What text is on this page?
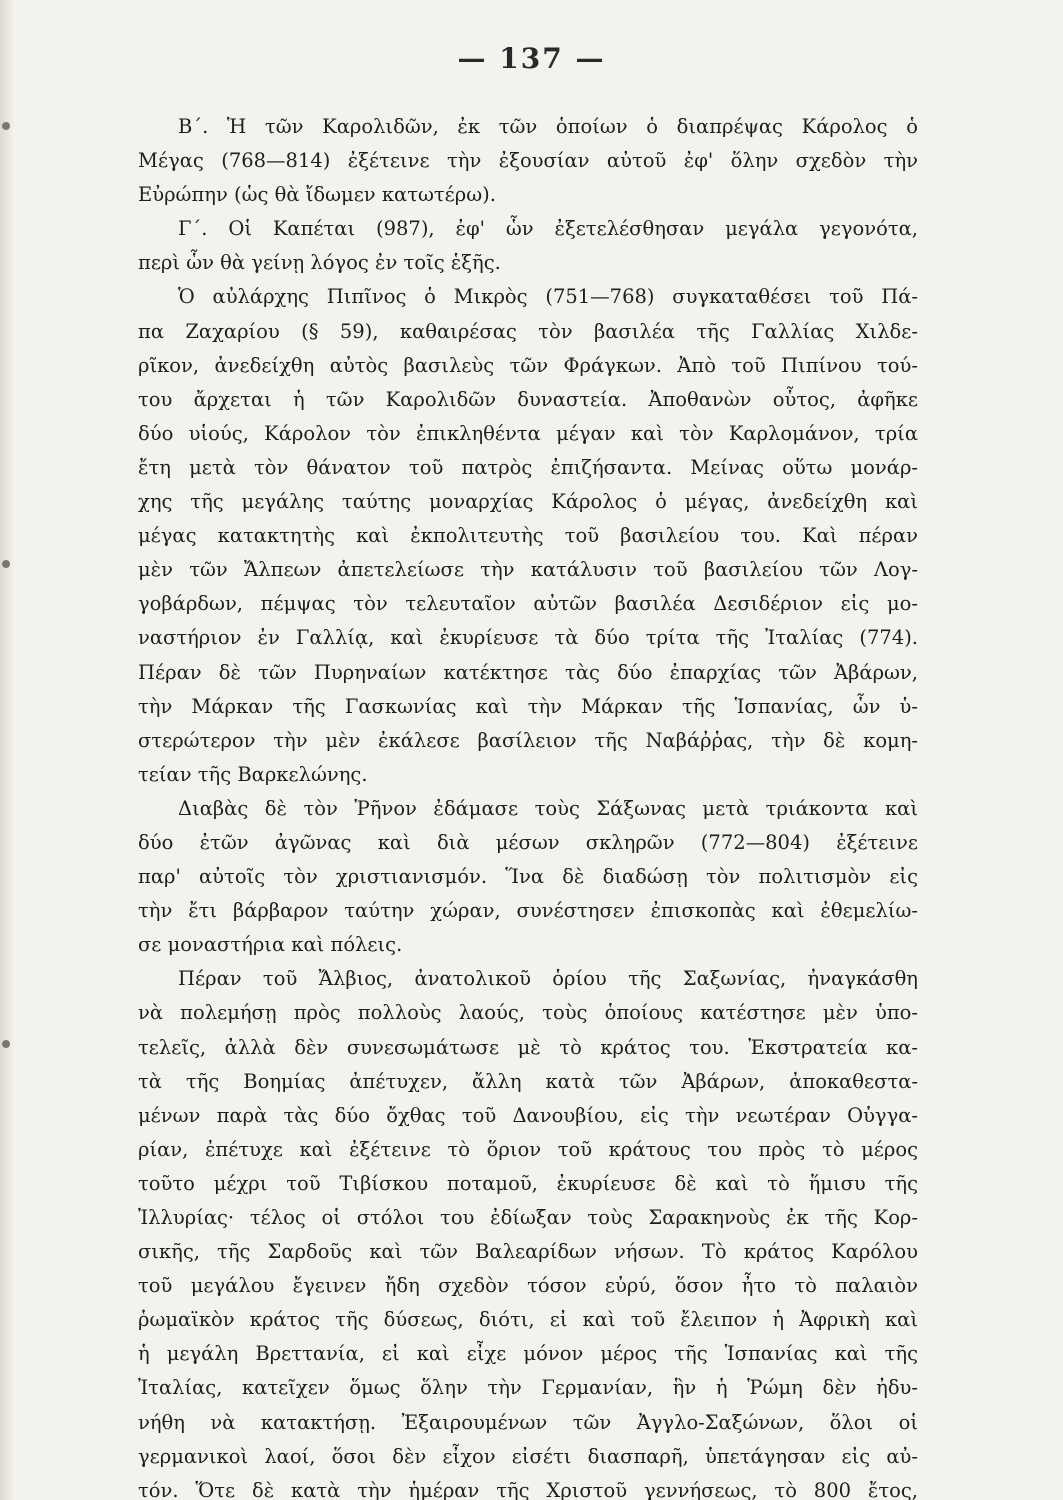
— 137 —
Β΄. Ἡ τῶν Καρολιδῶν, ἐκ τῶν ὁποίων ὁ διαπρέψας Κάρολος ὁ
Μέγας (768—814) ἐξέτεινε τὴν ἐξουσίαν αὐτοῦ ἐφ' ὅλην σχεδὸν τὴν
Εὐρώπην (ὡς θὰ ἴδωμεν κατωτέρω).
Γ΄. Οἱ Καπέται (987), ἐφ' ὧν ἐξετελέσθησαν μεγάλα γεγονότα,
περὶ ὧν θὰ γείνῃ λόγος ἐν τοῖς ἑξῆς.
Ὁ αὐλάρχης Πιπῖνος ὁ Μικρὸς (751—768) συγκαταθέσει τοῦ Πά-
πα Ζαχαρίου (§ 59), καθαιρέσας τὸν βασιλέα τῆς Γαλλίας Χιλδε-
ρῖκον, ἀνεδείχθη αὐτὸς βασιλεὺς τῶν Φράγκων. Ἀπὸ τοῦ Πιπίνου τού-
του ἄρχεται ἡ τῶν Καρολιδῶν δυναστεία. Ἀποθανὼν οὗτος, ἀφῆκε
δύο υἱούς, Κάρολον τὸν ἐπικληθέντα μέγαν καὶ τὸν Καρλομάνον, τρία
ἔτη μετὰ τὸν θάνατον τοῦ πατρὸς ἐπιζήσαντα. Μείνας οὕτω μονάρ-
χης τῆς μεγάλης ταύτης μοναρχίας Κάρολος ὁ μέγας, ἀνεδείχθη καὶ
μέγας κατακτητὴς καὶ ἐκπολιτευτὴς τοῦ βασιλείου του. Καὶ πέραν
μὲν τῶν Ἄλπεων ἀπετελείωσε τὴν κατάλυσιν τοῦ βασιλείου τῶν Λογ-
γοβάρδων, πέμψας τὸν τελευταῖον αὐτῶν βασιλέα Δεσιδέριον εἰς μο-
ναστήριον ἐν Γαλλίᾳ, καὶ ἐκυρίευσε τὰ δύο τρίτα τῆς Ἰταλίας (774).
Πέραν δὲ τῶν Πυρηναίων κατέκτησε τὰς δύο ἐπαρχίας τῶν Ἀβάρων,
τὴν Μάρκαν τῆς Γασκωνίας καὶ τὴν Μάρκαν τῆς Ἱσπανίας, ὧν ὑ-
στερώτερον τὴν μὲν ἐκάλεσε βασίλειον τῆς Ναβάῤῥας, τὴν δὲ κομη-
τείαν τῆς Βαρκελώνης.
Διαβὰς δὲ τὸν Ῥῆνον ἐδάμασε τοὺς Σάξωνας μετὰ τριάκοντα καὶ
δύο ἐτῶν ἀγῶνας καὶ διὰ μέσων σκληρῶν (772—804) ἐξέτεινε
παρ' αὐτοῖς τὸν χριστιανισμόν. Ἵνα δὲ διαδώσῃ τὸν πολιτισμὸν εἰς
τὴν ἔτι βάρβαρον ταύτην χώραν, συνέστησεν ἐπισκοπὰς καὶ ἐθεμελίω-
σε μοναστήρια καὶ πόλεις.
Πέραν τοῦ Ἄλβιος, ἀνατολικοῦ ὁρίου τῆς Σαξωνίας, ἠναγκάσθη
νὰ πολεμήσῃ πρὸς πολλοὺς λαούς, τοὺς ὁποίους κατέστησε μὲν ὑπο-
τελεῖς, ἀλλὰ δὲν συνεσωμάτωσε μὲ τὸ κράτος του. Ἐκστρατεία κα-
τὰ τῆς Βοημίας ἀπέτυχεν, ἄλλη κατὰ τῶν Ἀβάρων, ἀποκαθεστα-
μένων παρὰ τὰς δύο ὄχθας τοῦ Δανουβίου, εἰς τὴν νεωτέραν Οὑγγα-
ρίαν, ἐπέτυχε καὶ ἐξέτεινε τὸ ὅριον τοῦ κράτους του πρὸς τὸ μέρος
τοῦτο μέχρι τοῦ Τιβίσκου ποταμοῦ, ἐκυρίευσε δὲ καὶ τὸ ἥμισυ τῆς
Ἰλλυρίας· τέλος οἱ στόλοι του ἐδίωξαν τοὺς Σαρακηνοὺς ἐκ τῆς Κορ-
σικῆς, τῆς Σαρδοῦς καὶ τῶν Βαλεαρίδων νήσων. Τὸ κράτος Καρόλου
τοῦ μεγάλου ἔγεινεν ἤδη σχεδὸν τόσον εὐρύ, ὅσον ἦτο τὸ παλαιὸν
ῥωμαϊκὸν κράτος τῆς δύσεως, διότι, εἰ καὶ τοῦ ἔλειπον ἡ Ἀφρικὴ καὶ
ἡ μεγάλη Βρεττανία, εἰ καὶ εἶχε μόνον μέρος τῆς Ἱσπανίας καὶ τῆς
Ἰταλίας, κατεῖχεν ὅμως ὅλην τὴν Γερμανίαν, ἣν ἡ Ῥώμη δὲν ἠδυ-
νήθη νὰ κατακτήσῃ. Ἐξαιρουμένων τῶν Ἀγγλο-Σαξώνων, ὅλοι οἱ
γερμανικοὶ λαοί, ὅσοι δὲν εἶχον εἰσέτι διασπαρῆ, ὑπετάγησαν εἰς αὐ-
τόν. Ὅτε δὲ κατὰ τὴν ἡμέραν τῆς Χριστοῦ γεννήσεως, τὸ 800 ἔτος,
